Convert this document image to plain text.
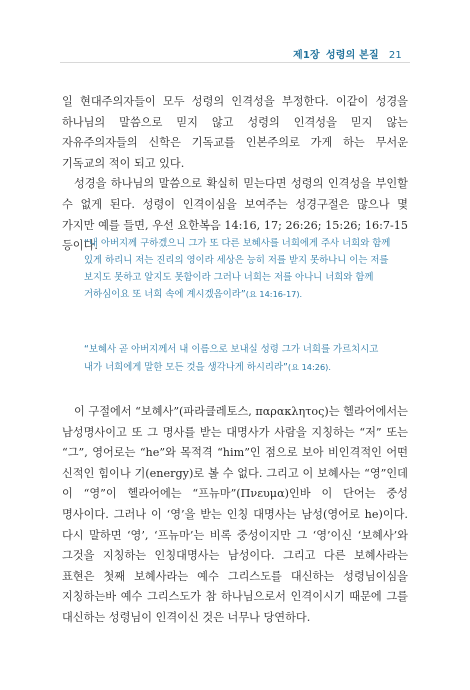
제1장 성령의 본질 21

일 현대주의자들이 모두 성령의 인격성을 부정한다. 이같이 성경을 하나님의 말씀으로 믿지 않고 성령의 인격성을 믿지 않는 자유주의자들의 신학은 기독교를 인본주의로 가게 하는 무서운 기독교의 적이 되고 있다.

성경을 하나님의 말씀으로 확실히 믿는다면 성령의 인격성을 부인할 수 없게 된다. 성령이 인격이심을 보여주는 성경구절은 많으나 몇 가지만 예를 들면, 우선 요한복음 14:16, 17; 26:26; 15:26; 16:7-15 등이다.

“내 아버지께 구하겠으니 그가 또 다른 보혜사를 너희에게 주사 너희와 함께 있게 하리니 저는 진리의 영이라 세상은 능히 저를 받지 못하나니 이는 저를 보지도 못하고 알지도 못함이라 그러나 너희는 저를 아나니 너희와 함께 거하심이요 또 너희 속에 계시겠음이라”(요 14:16-17).

“보혜사 곧 아버지께서 내 이름으로 보내실 성령 그가 너희를 가르치시고 내가 너희에게 말한 모든 것을 생각나게 하시리라”(요 14:26).

이 구절에서 “보혜사”(파라클레토스, παρακλητος)는 헬라어에서는 남성명사이고 또 그 명사를 받는 대명사가 사람을 지칭하는 “저” 또는 “그”, 영어로는 “he”와 목적격 “him”인 점으로 보아 비인격적인 어떤 신적인 힘이나 기(energy)로 볼 수 없다. 그리고 이 보혜사는 “영”인데 이 “영”이 헬라어에는 “프뉴마”(Πνευμα)인바 이 단어는 중성 명사이다. 그러나 이 ‘영’을 받는 인칭 대명사는 남성(영어로 he)이다. 다시 말하면 ‘영’, ‘프뉴마’는 비록 중성이지만 그 ‘영’이신 ‘보혜사’와 그것을 지칭하는 인칭대명사는 남성이다. 그리고 다른 보혜사라는 표현은 첫째 보혜사라는 예수 그리스도를 대신하는 성령님이심을 지칭하는바 예수 그리스도가 참 하나님으로서 인격이시기 때문에 그를 대신하는 성령님이 인격이신 것은 너무나 당연하다.
